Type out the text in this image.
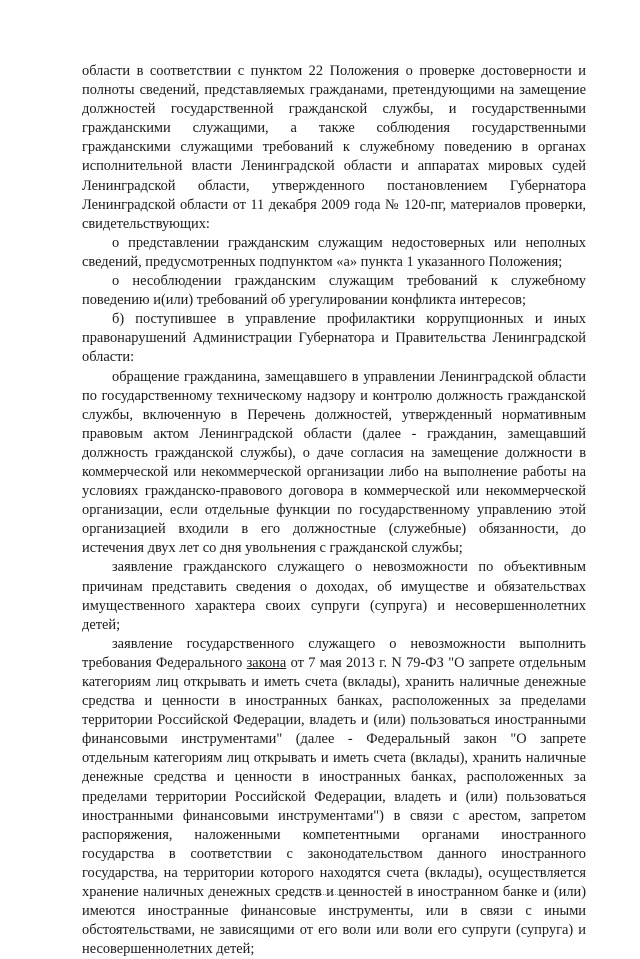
области в соответствии с пунктом 22 Положения о проверке достоверности и полноты сведений, представляемых гражданами, претендующими на замещение должностей государственной гражданской службы, и государственными гражданскими служащими, а также соблюдения государственными гражданскими служащими требований к служебному поведению в органах исполнительной власти Ленинградской области и аппаратах мировых судей Ленинградской области, утвержденного постановлением Губернатора Ленинградской области от 11 декабря 2009 года № 120-пг, материалов проверки, свидетельствующих:

о представлении гражданским служащим недостоверных или неполных сведений, предусмотренных подпунктом «а» пункта 1 указанного Положения;

о несоблюдении гражданским служащим требований к служебному поведению и(или) требований об урегулировании конфликта интересов;

б) поступившее в управление профилактики коррупционных и иных правонарушений Администрации Губернатора и Правительства Ленинградской области:

обращение гражданина, замещавшего в управлении Ленинградской области по государственному техническому надзору и контролю должность гражданской службы, включенную в Перечень должностей, утвержденный нормативным правовым актом Ленинградской области (далее - гражданин, замещавший должность гражданской службы), о даче согласия на замещение должности в коммерческой или некоммерческой организации либо на выполнение работы на условиях гражданско-правового договора в коммерческой или некоммерческой организации, если отдельные функции по государственному управлению этой организацией входили в его должностные (служебные) обязанности, до истечения двух лет со дня увольнения с гражданской службы;

заявление гражданского служащего о невозможности по объективным причинам представить сведения о доходах, об имуществе и обязательствах имущественного характера своих супруги (супруга) и несовершеннолетних детей;

заявление государственного служащего о невозможности выполнить требования Федерального закона от 7 мая 2013 г. N 79-ФЗ "О запрете отдельным категориям лиц открывать и иметь счета (вклады), хранить наличные денежные средства и ценности в иностранных банках, расположенных за пределами территории Российской Федерации, владеть и (или) пользоваться иностранными финансовыми инструментами" (далее - Федеральный закон "О запрете отдельным категориям лиц открывать и иметь счета (вклады), хранить наличные денежные средства и ценности в иностранных банках, расположенных за пределами территории Российской Федерации, владеть и (или) пользоваться иностранными финансовыми инструментами") в связи с арестом, запретом распоряжения, наложенными компетентными органами иностранного государства в соответствии с законодательством данного иностранного государства, на территории которого находятся счета (вклады), осуществляется хранение наличных денежных средств и ценностей в иностранном банке и (или) имеются иностранные финансовые инструменты, или в связи с иными обстоятельствами, не зависящими от его воли или воли его супруги (супруга) и несовершеннолетних детей;
